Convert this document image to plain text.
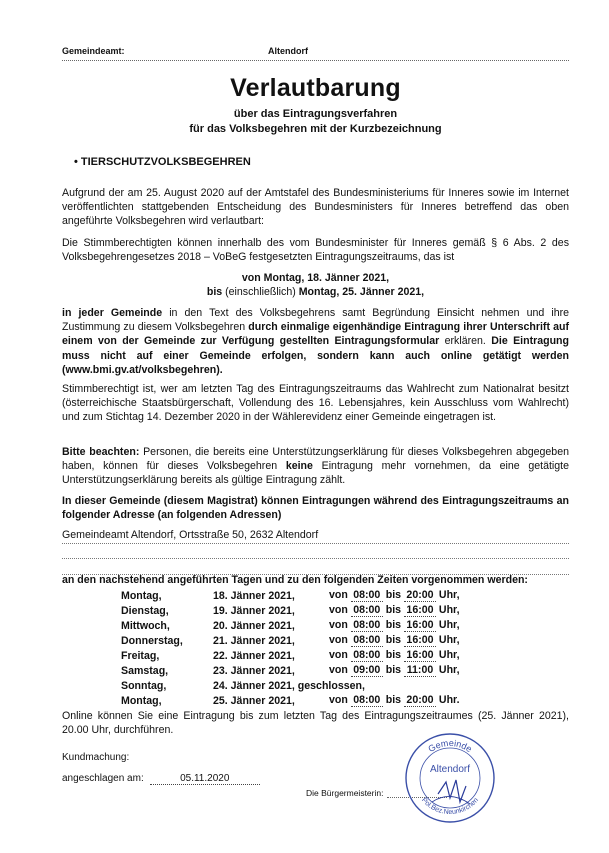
Gemeindeamt:	Altendorf
Verlautbarung
über das Eintragungsverfahren
für das Volksbegehren mit der Kurzbezeichnung
• TIERSCHUTZVOLKSBEGEHREN
Aufgrund der am 25. August 2020 auf der Amtstafel des Bundesministeriums für Inneres sowie im Internet veröffentlichten stattgebenden Entscheidung des Bundesministers für Inneres betreffend das oben angeführte Volksbegehren wird verlautbart:
Die Stimmberechtigten können innerhalb des vom Bundesminister für Inneres gemäß § 6 Abs. 2 des Volksbegehrengesetzes 2018 – VoBeG festgesetzten Eintragungszeitraums, das ist
von Montag, 18. Jänner 2021,
bis (einschließlich) Montag, 25. Jänner 2021,
in jeder Gemeinde in den Text des Volksbegehrens samt Begründung Einsicht nehmen und ihre Zustimmung zu diesem Volksbegehren durch einmalige eigenhändige Eintragung ihrer Unterschrift auf einem von der Gemeinde zur Verfügung gestellten Eintragungsformular erklären. Die Eintragung muss nicht auf einer Gemeinde erfolgen, sondern kann auch online getätigt werden (www.bmi.gv.at/volksbegehren).
Stimmberechtigt ist, wer am letzten Tag des Eintragungszeitraums das Wahlrecht zum Nationalrat besitzt (österreichische Staatsbürgerschaft, Vollendung des 16. Lebensjahres, kein Ausschluss vom Wahlrecht) und zum Stichtag 14. Dezember 2020 in der Wählerevidenz einer Gemeinde eingetragen ist.
Bitte beachten: Personen, die bereits eine Unterstützungserklärung für dieses Volksbegehren abgegeben haben, können für dieses Volksbegehren keine Eintragung mehr vornehmen, da eine getätigte Unterstützungserklärung bereits als gültige Eintragung zählt.
In dieser Gemeinde (diesem Magistrat) können Eintragungen während des Eintragungszeitraums an folgender Adresse (an folgenden Adressen)
Gemeindeamt Altendorf, Ortsstraße 50, 2632 Altendorf
an den nachstehend angeführten Tagen und zu den folgenden Zeiten vorgenommen werden:
Montag,	18. Jänner 2021,	von 08:00 bis 20:00 Uhr,
Dienstag,	19. Jänner 2021,	von 08:00 bis 16:00 Uhr,
Mittwoch,	20. Jänner 2021,	von 08:00 bis 16:00 Uhr,
Donnerstag,	21. Jänner 2021,	von 08:00 bis 16:00 Uhr,
Freitag,	22. Jänner 2021,	von 08:00 bis 16:00 Uhr,
Samstag,	23. Jänner 2021,	von 09:00 bis 11:00 Uhr,
Sonntag,	24. Jänner 2021, geschlossen,	
Montag,	25. Jänner 2021,	von 08:00 bis 20:00 Uhr.
Online können Sie eine Eintragung bis zum letzten Tag des Eintragungszeitraumes (25. Jänner 2021), 20.00 Uhr, durchführen.
Kundmachung:
angeschlagen am:	05.11.2020
Die Bürgermeisterin:
Gemeinde
Altendorf
Pol.Bez.Neunkirchen
